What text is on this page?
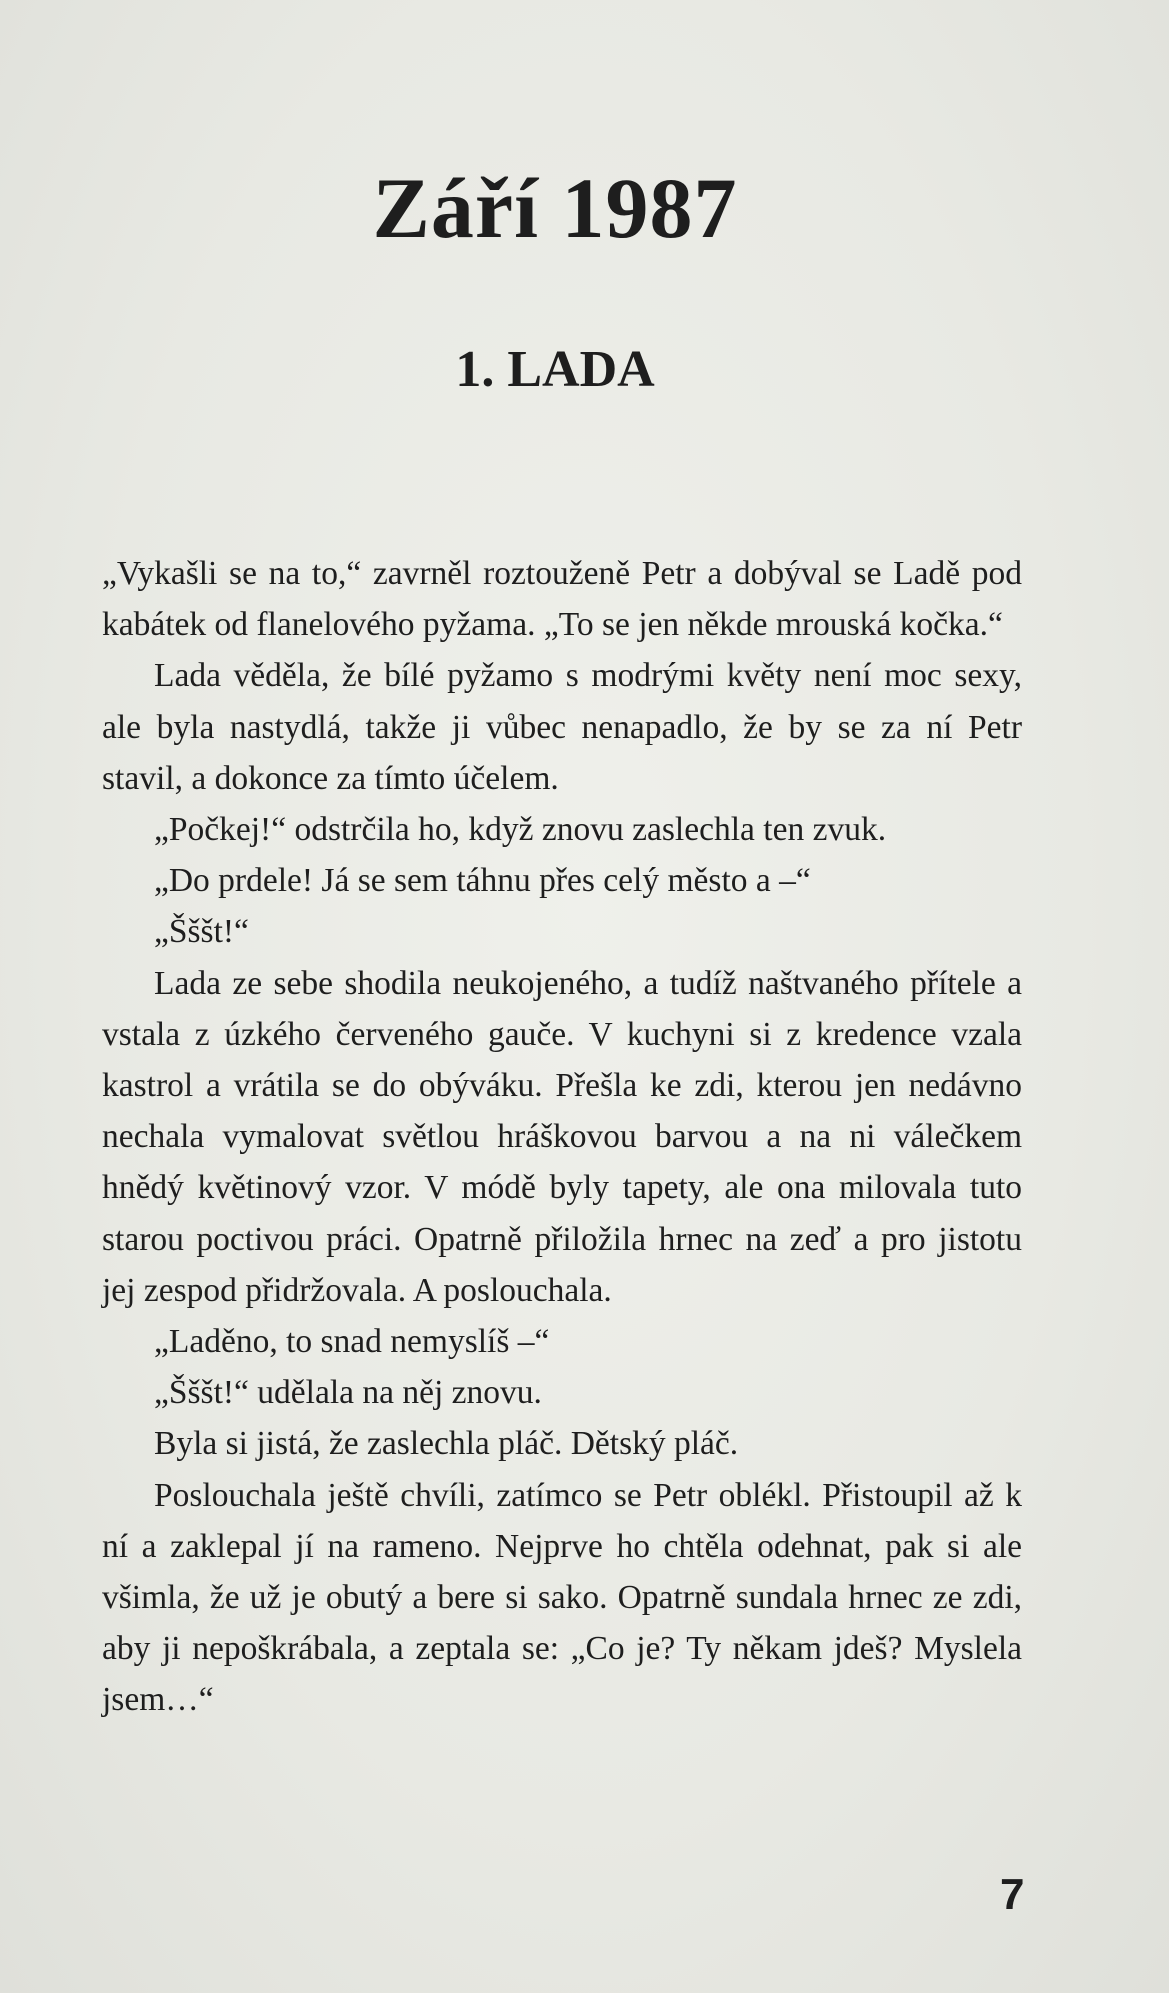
Září 1987
1. LADA

„Vykašli se na to,“ zavrněl roztouženě Petr a dobýval se Ladě pod kabátek od flanelového pyžama. „To se jen někde mrouská kočka.“

Lada věděla, že bílé pyžamo s modrými květy není moc sexy, ale byla nastydlá, takže ji vůbec nenapadlo, že by se za ní Petr stavil, a dokonce za tímto účelem.

„Počkej!“ odstrčila ho, když znovu zaslechla ten zvuk.

„Do prdele! Já se sem táhnu přes celý město a –“

„Šššt!“

Lada ze sebe shodila neukojeného, a tudíž naštvaného přítele a vstala z úzkého červeného gauče. V kuchyni si z kredence vzala kastrol a vrátila se do obýváku. Přešla ke zdi, kterou jen nedávno nechala vymalovat světlou hráškovou barvou a na ni válečkem hnědý květinový vzor. V módě byly tapety, ale ona milovala tuto starou poctivou práci. Opatrně přiložila hrnec na zeď a pro jistotu jej zespod přidržovala. A poslouchala.

„Laděno, to snad nemyslíš –“

„Šššt!“ udělala na něj znovu.

Byla si jistá, že zaslechla pláč. Dětský pláč.

Poslouchala ještě chvíli, zatímco se Petr oblékl. Přistoupil až k ní a zaklepal jí na rameno. Nejprve ho chtěla odehnat, pak si ale všimla, že už je obutý a bere si sako. Opatrně sundala hrnec ze zdi, aby ji nepoškrábala, a zeptala se: „Co je? Ty někam jdeš? Myslela jsem…“

7
